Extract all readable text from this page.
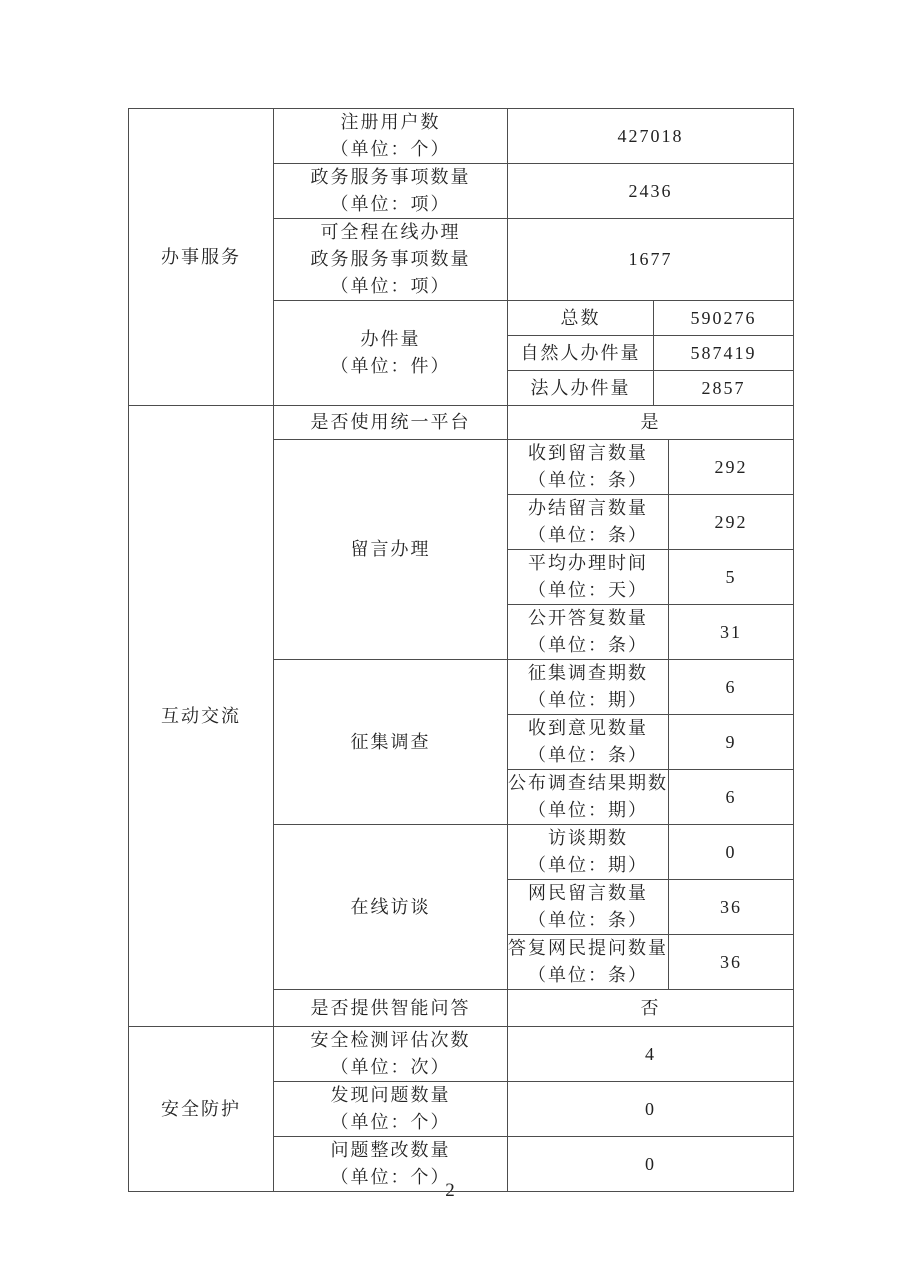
办事服务	注册用户数
（单位：个）	427018		

	政务服务事项数量
（单位：项）	2436		

	可全程在线办理
政务服务事项数量
（单位：项）	1677		

	办件量
（单位：件）	总数	590276	
		自然人办件量	587419	
		法人办件量	2857	
互动交流	是否使用统一平台	是		
	留言办理	收到留言数量
（单位：条）		292

		办结留言数量
（单位：条）		292

		平均办理时间
（单位：天）		5

		公开答复数量
（单位：条）		31
	征集调查	征集调查期数
（单位：期）		6

		收到意见数量
（单位：条）		9

		公布调查结果期数
（单位：期）		6
	在线访谈	访谈期数
（单位：期）		0

		网民留言数量
（单位：条）		36

		答复网民提问数量
（单位：条）		36
	是否提供智能问答	否		
安全防护	安全检测评估次数
（单位：次）	4		

	发现问题数量
（单位：个）	0		

	问题整改数量
（单位：个）	0		
2
